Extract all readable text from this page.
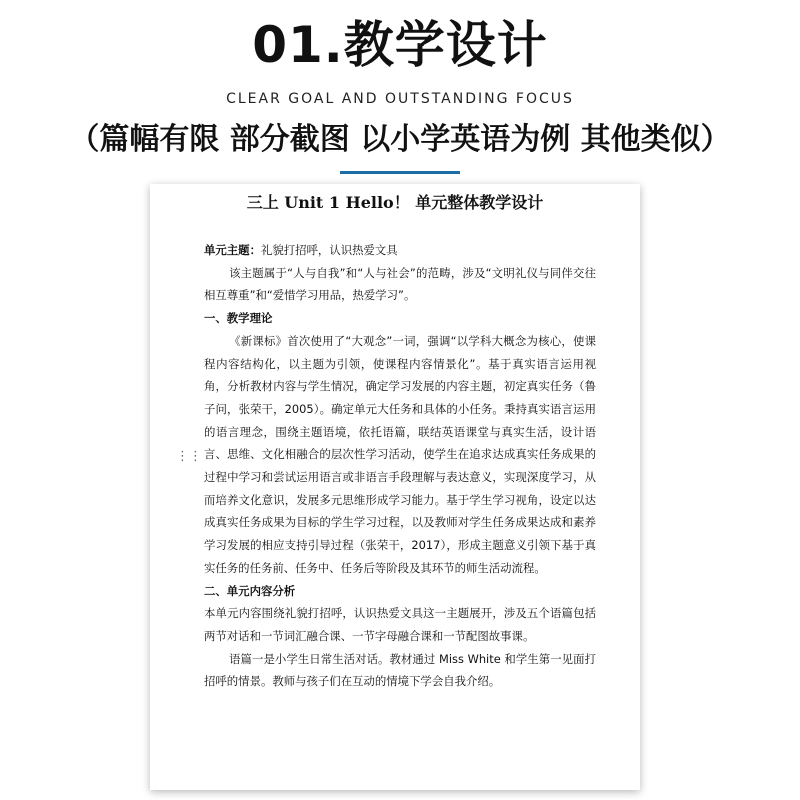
01.教学设计
CLEAR GOAL AND OUTSTANDING FOCUS
（篇幅有限 部分截图 以小学英语为例 其他类似）
三上 Unit 1 Hello！ 单元整体教学设计

单元主题：礼貌打招呼，认识热爱文具

该主题属于“人与自我”和“人与社会”的范畴，涉及“文明礼仪与同伴交往相互尊重”和“爱惜学习用品，热爱学习”。

一、教学理论

《新课标》首次使用了“大观念”一词，强调“以学科大概念为核心，使课程内容结构化，以主题为引领，使课程内容情景化”。基于真实语言运用视角，分析教材内容与学生情况，确定学习发展的内容主题，初定真实任务（鲁子问，张荣干，2005）。确定单元大任务和具体的小任务。秉持真实语言运用的语言理念，围绕主题语境，依托语篇，联结英语课堂与真实生活，设计语言、思维、文化相融合的层次性学习活动，使学生在追求达成真实任务成果的过程中学习和尝试运用语言或非语言手段理解与表达意义，实现深度学习，从而培养文化意识，发展多元思维形成学习能力。基于学生学习视角，设定以达成真实任务成果为目标的学生学习过程，以及教师对学生任务成果达成和素养学习发展的相应支持引导过程（张荣干，2017），形成主题意义引领下基于真实任务的任务前、任务中、任务后等阶段及其环节的师生活动流程。

二、单元内容分析

本单元内容围绕礼貌打招呼，认识热爱文具这一主题展开，涉及五个语篇包括两节对话和一节词汇融合课、一节字母融合课和一节配图故事课。

语篇一是小学生日常生活对话。教材通过 Miss White 和学生第一见面打招呼的情景。教师与孩子们在互动的情境下学会自我介绍。

⋮⋮
